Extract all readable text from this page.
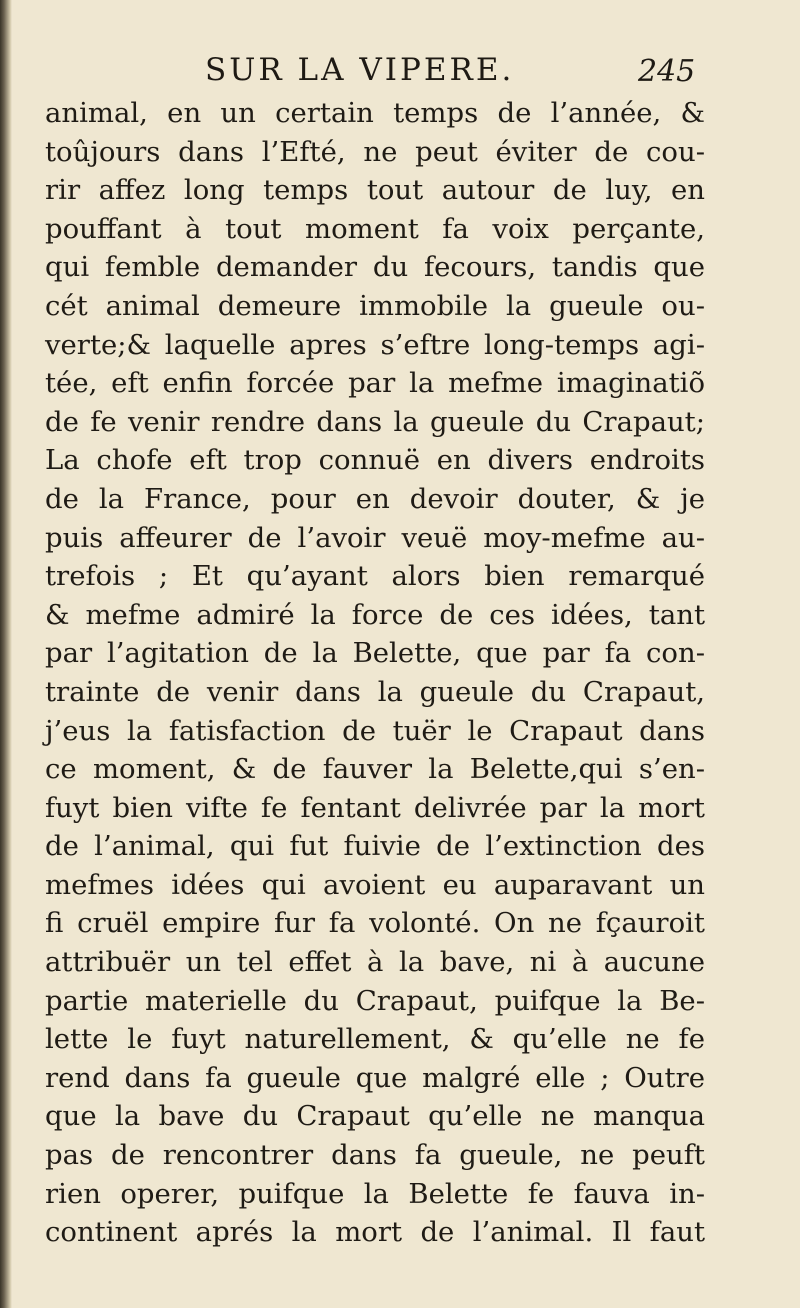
SUR LA VIPERE.	245
animal, en un certain temps de l’année, &
toûjours dans l’Efté, ne peut éviter de cou-
rir affez long temps tout autour de luy, en
pouffant à tout moment fa voix perçante,
qui femble demander du fecours, tandis que
cét animal demeure immobile la gueule ou-
verte;& laquelle apres s’eftre long-temps agi-
tée, eft enfin forcée par la mefme imaginatiõ
de fe venir rendre dans la gueule du Crapaut;
La chofe eft trop connuë en divers endroits
de la France, pour en devoir douter, & je
puis affeurer de l’avoir veuë moy-mefme au-
trefois ; Et qu’ayant alors bien remarqué
& mefme admiré la force de ces idées, tant
par l’agitation de la Belette, que par fa con-
trainte de venir dans la gueule du Crapaut,
j’eus la fatisfaction de tuër le Crapaut dans
ce moment, & de fauver la Belette,qui s’en-
fuyt bien vifte fe fentant delivrée par la mort
de l’animal, qui fut fuivie de l’extinction des
mefmes idées qui avoient eu auparavant un
fi cruël empire fur fa volonté. On ne fçauroit
attribuër un tel effet à la bave, ni à aucune
partie materielle du Crapaut, puifque la Be-
lette le fuyt naturellement, & qu’elle ne fe
rend dans fa gueule que malgré elle ; Outre
que la bave du Crapaut qu’elle ne manqua
pas de rencontrer dans fa gueule, ne peuft
rien operer, puifque la Belette fe fauva in-
continent aprés la mort de l’animal. Il faut
